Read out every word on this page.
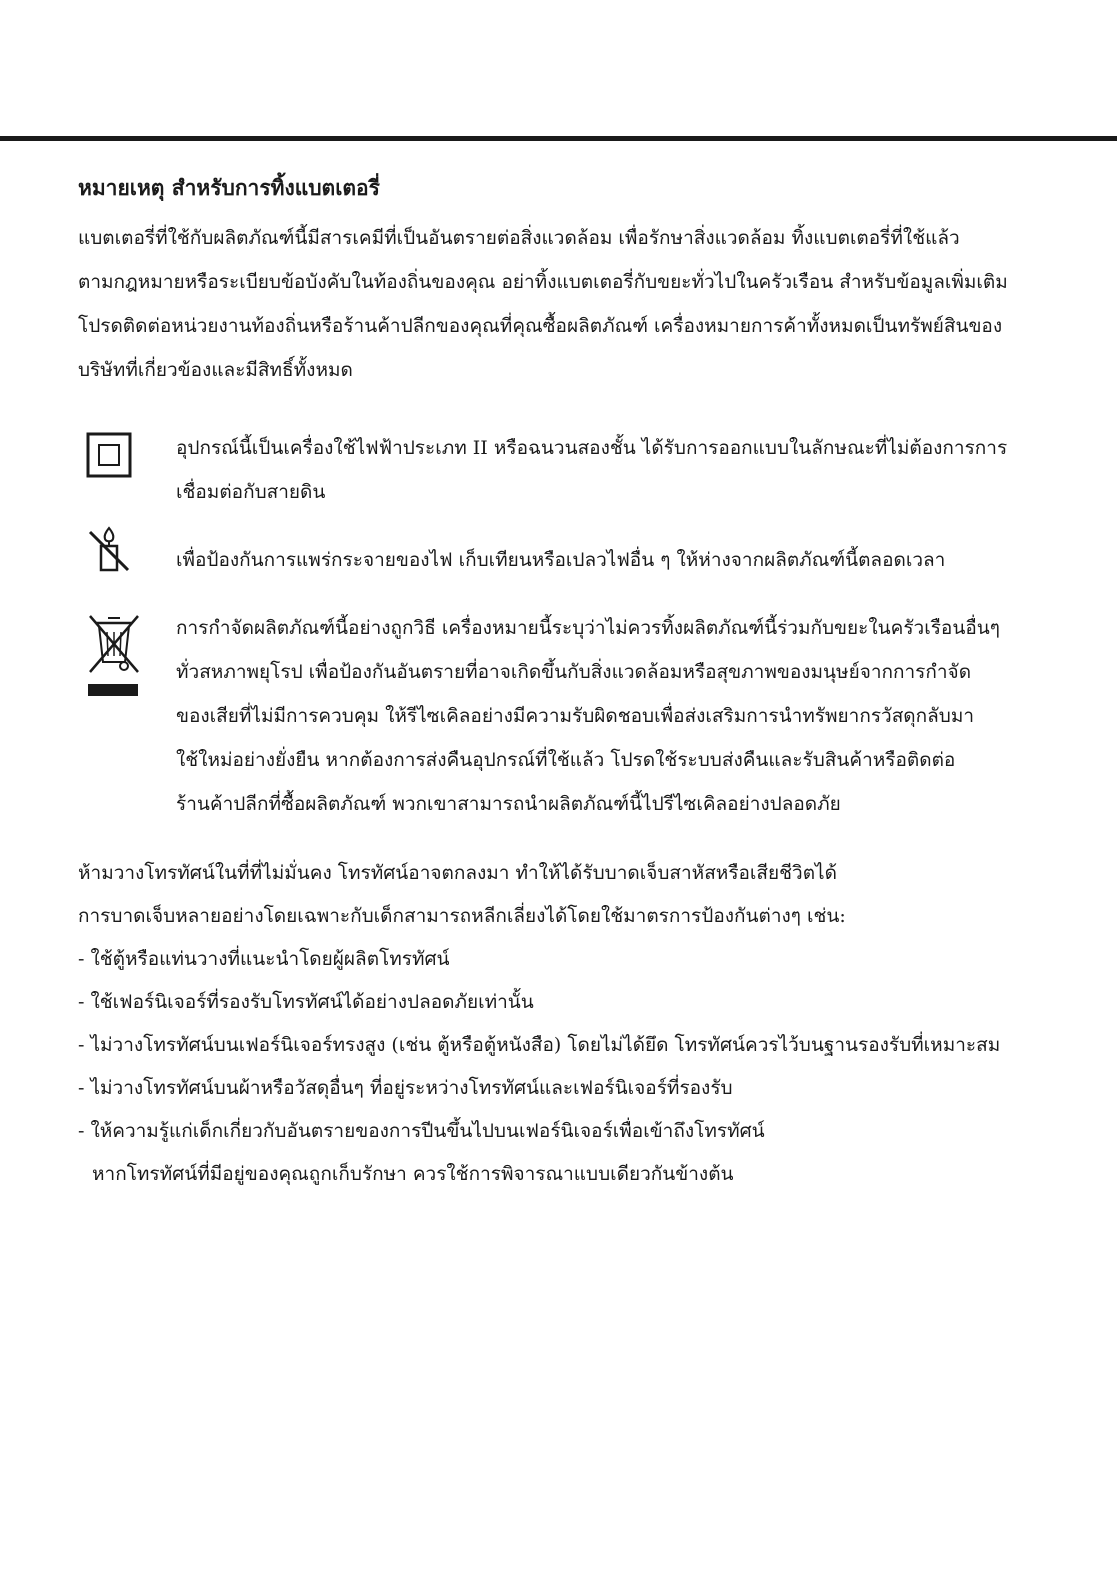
หมายเหตุ สำหรับการทิ้งแบตเตอรี่

แบตเตอรี่ที่ใช้กับผลิตภัณฑ์นี้มีสารเคมีที่เป็นอันตรายต่อสิ่งแวดล้อม เพื่อรักษาสิ่งแวดล้อม ทิ้งแบตเตอรี่ที่ใช้แล้ว

ตามกฎหมายหรือระเบียบข้อบังคับในท้องถิ่นของคุณ อย่าทิ้งแบตเตอรี่กับขยะทั่วไปในครัวเรือน สำหรับข้อมูลเพิ่มเติม

โปรดติดต่อหน่วยงานท้องถิ่นหรือร้านค้าปลีกของคุณที่คุณซื้อผลิตภัณฑ์ เครื่องหมายการค้าทั้งหมดเป็นทรัพย์สินของ

บริษัทที่เกี่ยวข้องและมีสิทธิ์ทั้งหมด

อุปกรณ์นี้เป็นเครื่องใช้ไฟฟ้าประเภท II หรือฉนวนสองชั้น ได้รับการออกแบบในลักษณะที่ไม่ต้องการการ
เชื่อมต่อกับสายดิน
เพื่อป้องกันการแพร่กระจายของไฟ เก็บเทียนหรือเปลวไฟอื่น ๆ ให้ห่างจากผลิตภัณฑ์นี้ตลอดเวลา
การกำจัดผลิตภัณฑ์นี้อย่างถูกวิธี เครื่องหมายนี้ระบุว่าไม่ควรทิ้งผลิตภัณฑ์นี้ร่วมกับขยะในครัวเรือนอื่นๆ
ทั่วสหภาพยุโรป เพื่อป้องกันอันตรายที่อาจเกิดขึ้นกับสิ่งแวดล้อมหรือสุขภาพของมนุษย์จากการกำจัด
ของเสียที่ไม่มีการควบคุม ให้รีไซเคิลอย่างมีความรับผิดชอบเพื่อส่งเสริมการนำทรัพยากรวัสดุกลับมา
ใช้ใหม่อย่างยั่งยืน หากต้องการส่งคืนอุปกรณ์ที่ใช้แล้ว โปรดใช้ระบบส่งคืนและรับสินค้าหรือติดต่อ
ร้านค้าปลีกที่ซื้อผลิตภัณฑ์ พวกเขาสามารถนำผลิตภัณฑ์นี้ไปรีไซเคิลอย่างปลอดภัย
ห้ามวางโทรทัศน์ในที่ที่ไม่มั่นคง โทรทัศน์อาจตกลงมา ทำให้ได้รับบาดเจ็บสาหัสหรือเสียชีวิตได้
การบาดเจ็บหลายอย่างโดยเฉพาะกับเด็กสามารถหลีกเลี่ยงได้โดยใช้มาตรการป้องกันต่างๆ เช่น:
- ใช้ตู้หรือแท่นวางที่แนะนำโดยผู้ผลิตโทรทัศน์
- ใช้เฟอร์นิเจอร์ที่รองรับโทรทัศน์ได้อย่างปลอดภัยเท่านั้น
- ไม่วางโทรทัศน์บนเฟอร์นิเจอร์ทรงสูง (เช่น ตู้หรือตู้หนังสือ) โดยไม่ได้ยึด โทรทัศน์ควรไว้บนฐานรองรับที่เหมาะสม
- ไม่วางโทรทัศน์บนผ้าหรือวัสดุอื่นๆ ที่อยู่ระหว่างโทรทัศน์และเฟอร์นิเจอร์ที่รองรับ
- ให้ความรู้แก่เด็กเกี่ยวกับอันตรายของการปีนขึ้นไปบนเฟอร์นิเจอร์เพื่อเข้าถึงโทรทัศน์
หากโทรทัศน์ที่มีอยู่ของคุณถูกเก็บรักษา ควรใช้การพิจารณาแบบเดียวกันข้างต้น
